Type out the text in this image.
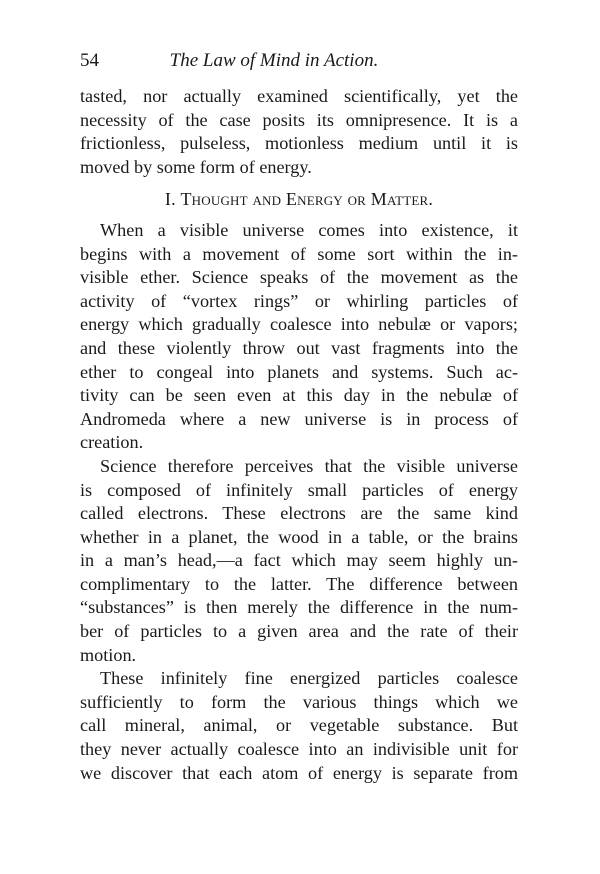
54	The Law of Mind in Action.
tasted, nor actually examined scientifically, yet the
necessity of the case posits its omnipresence. It is a
frictionless, pulseless, motionless medium until it is
moved by some form of energy.
I. Thought and Energy or Matter.
When a visible universe comes into existence, it
begins with a movement of some sort within the in-
visible ether. Science speaks of the movement as the
activity of “vortex rings” or whirling particles of
energy which gradually coalesce into nebulæ or vapors;
and these violently throw out vast fragments into the
ether to congeal into planets and systems. Such ac-
tivity can be seen even at this day in the nebulæ of
Andromeda where a new universe is in process of
creation.
Science therefore perceives that the visible universe
is composed of infinitely small particles of energy
called electrons. These electrons are the same kind
whether in a planet, the wood in a table, or the brains
in a man’s head,—a fact which may seem highly un-
complimentary to the latter. The difference between
“substances” is then merely the difference in the num-
ber of particles to a given area and the rate of their
motion.
These infinitely fine energized particles coalesce
sufficiently to form the various things which we
call mineral, animal, or vegetable substance. But
they never actually coalesce into an indivisible unit for
we discover that each atom of energy is separate from
